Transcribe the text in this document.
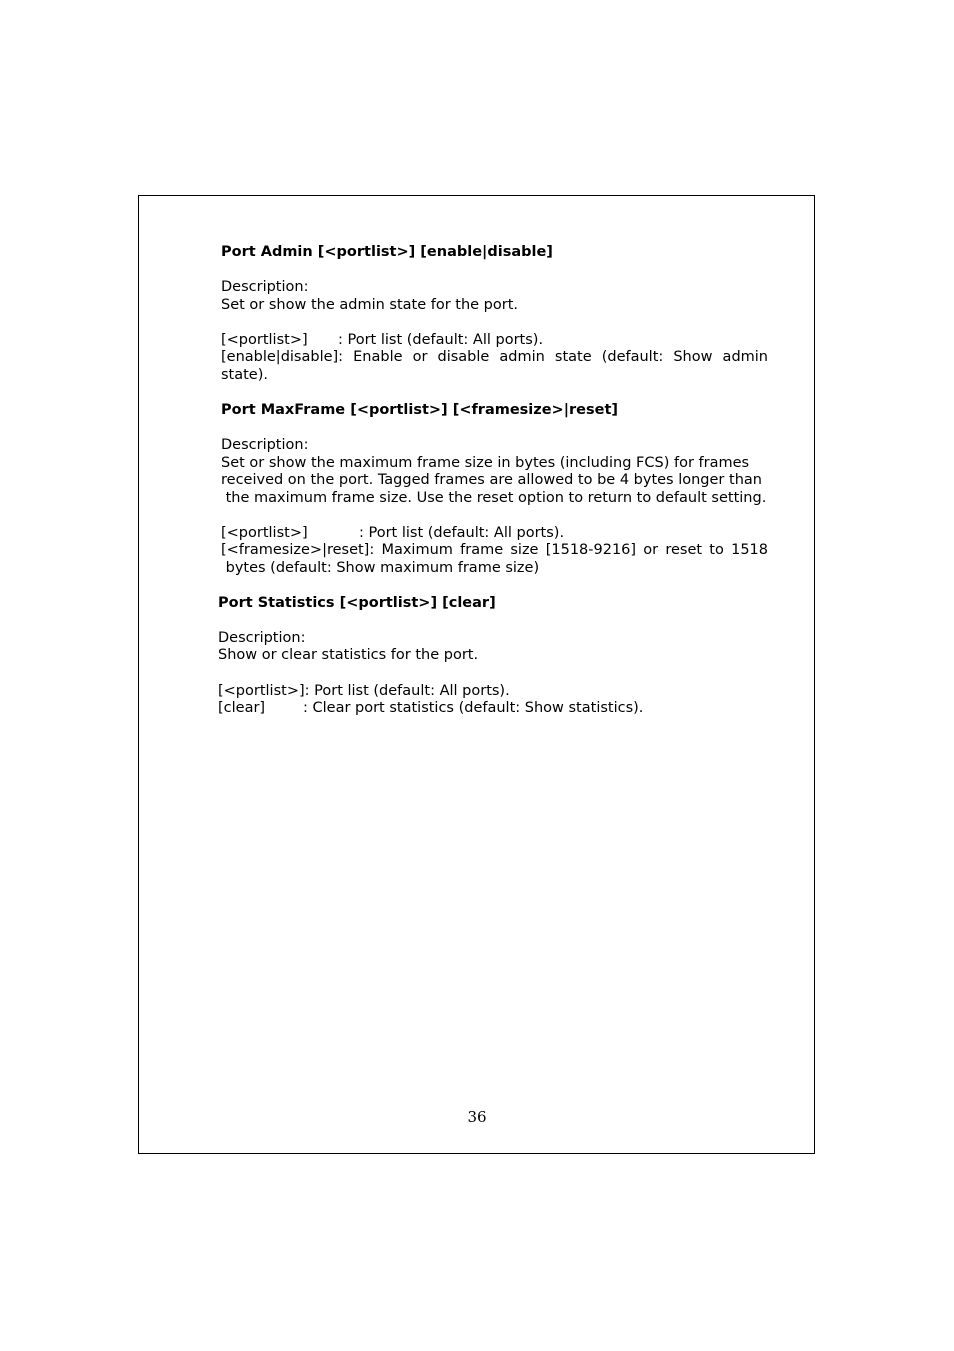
Port Admin [<portlist>] [enable|disable]
Description:
Set or show the admin state for the port.
[<portlist>] : Port list (default: All ports).
[enable|disable]: Enable or disable admin state (default: Show admin
state).
Port MaxFrame [<portlist>] [<framesize>|reset]
Description:
Set or show the maximum frame size in bytes (including FCS) for frames
received on the port. Tagged frames are allowed to be 4 bytes longer than
the maximum frame size. Use the reset option to return to default setting.
[<portlist>]	: Port list (default: All ports).
[<framesize>|reset]: Maximum frame size [1518-9216] or reset to 1518
bytes (default: Show maximum frame size)
Port Statistics [<portlist>] [clear]
Description:
Show or clear statistics for the port.
[<portlist>]: Port list (default: All ports).
[clear]	: Clear port statistics (default: Show statistics).
36
